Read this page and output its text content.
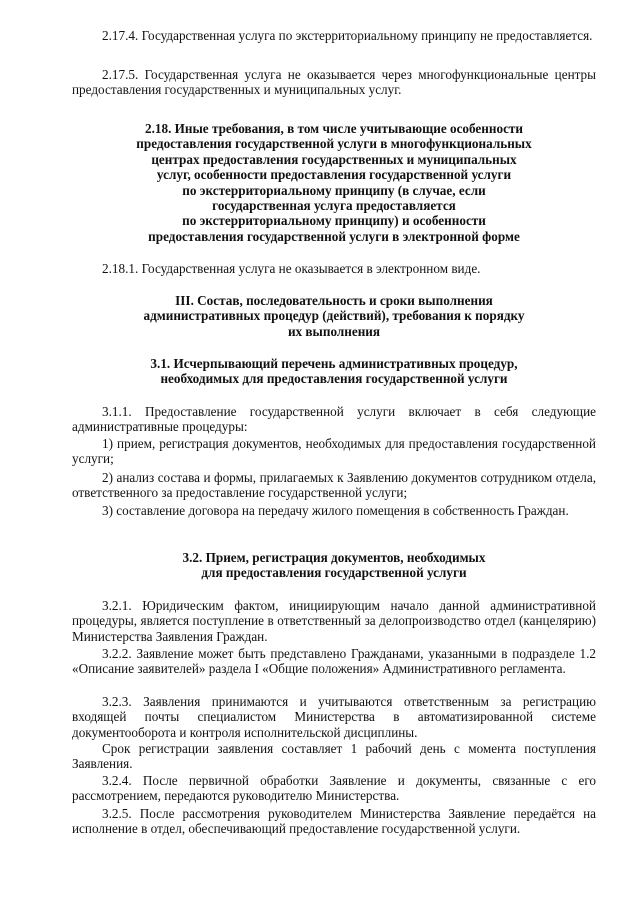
2.17.4. Государственная услуга по экстерриториальному принципу не предоставляется.

2.17.5. Государственная услуга не оказывается через многофункциональные центры предоставления государственных и муниципальных услуг.

2.18. Иные требования, в том числе учитывающие особенности
предоставления государственной услуги в многофункциональных
центрах предоставления государственных и муниципальных
услуг, особенности предоставления государственной услуги
по экстерриториальному принципу (в случае, если
государственная услуга предоставляется
по экстерриториальному принципу) и особенности
предоставления государственной услуги в электронной форме

2.18.1. Государственная услуга не оказывается в электронном виде.

III. Состав, последовательность и сроки выполнения
административных процедур (действий), требования к порядку
их выполнения
3.1. Исчерпывающий перечень административных процедур,
необходимых для предоставления государственной услуги

3.1.1. Предоставление государственной услуги включает в себя следующие административные процедуры:

1) прием, регистрация документов, необходимых для предоставления государственной услуги;

2) анализ состава и формы, прилагаемых к Заявлению документов сотрудником отдела, ответственного за предоставление государственной услуги;

3) составление договора на передачу жилого помещения в собственность Граждан.

3.2. Прием, регистрация документов, необходимых
для предоставления государственной услуги

3.2.1. Юридическим фактом, инициирующим начало данной административной процедуры, является поступление в ответственный за делопроизводство отдел (канцелярию) Министерства Заявления Граждан.

3.2.2. Заявление может быть представлено Гражданами, указанными в подразделе 1.2 «Описание заявителей» раздела I «Общие положения» Административного регламента.

3.2.3. Заявления принимаются и учитываются ответственным за регистрацию входящей почты специалистом Министерства в автоматизированной системе документооборота и контроля исполнительской дисциплины.

Срок регистрации заявления составляет 1 рабочий день с момента поступления Заявления.

3.2.4. После первичной обработки Заявление и документы, связанные с его рассмотрением, передаются руководителю Министерства.

3.2.5. После рассмотрения руководителем Министерства Заявление передаётся на исполнение в отдел, обеспечивающий предоставление государственной услуги.
